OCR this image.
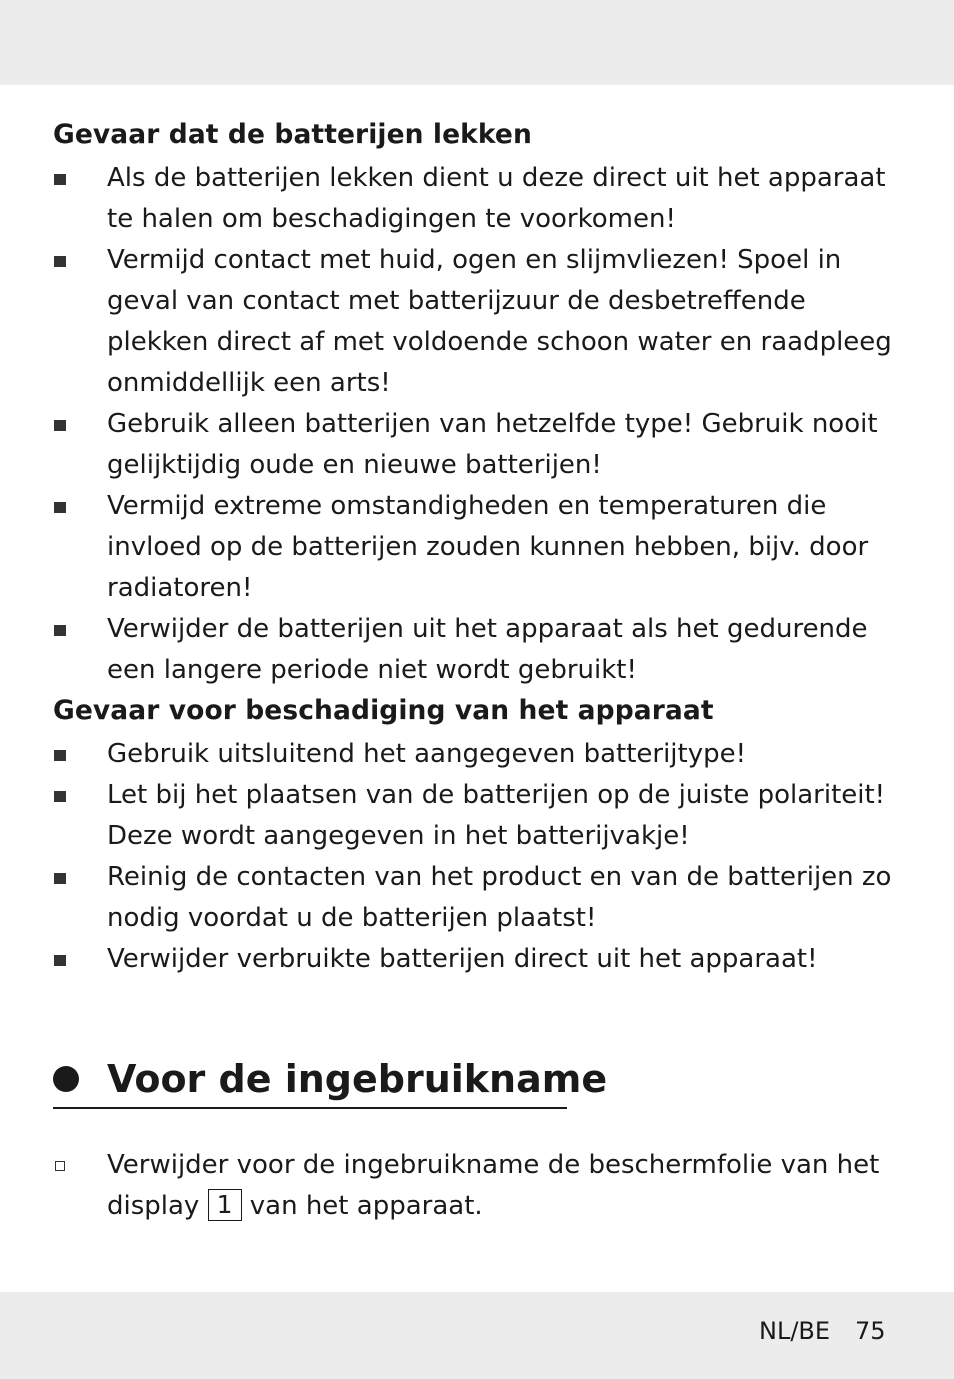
Gevaar dat de batterijen lekken
Als de batterijen lekken dient u deze direct uit het apparaat te halen om beschadigingen te voorkomen!
Vermijd contact met huid, ogen en slijmvliezen! Spoel in geval van contact met batterijzuur de desbetreffende plekken direct af met voldoende schoon water en raadpleeg onmiddellijk een arts!
Gebruik alleen batterijen van hetzelfde type! Gebruik nooit gelijktijdig oude en nieuwe batterijen!
Vermijd extreme omstandigheden en temperaturen die invloed op de batterijen zouden kunnen hebben, bijv. door radiatoren!
Verwijder de batterijen uit het apparaat als het gedurende een langere periode niet wordt gebruikt!
Gevaar voor beschadiging van het apparaat
Gebruik uitsluitend het aangegeven batterijtype!
Let bij het plaatsen van de batterijen op de juiste polariteit! Deze wordt aangegeven in het batterijvakje!
Reinig de contacten van het product en van de batterijen zo nodig voordat u de batterijen plaatst!
Verwijder verbruikte batterijen direct uit het apparaat!
Voor de ingebruikname
Verwijder voor de ingebruikname de beschermfolie van het display 1 van het apparaat.
NL/BE 75
